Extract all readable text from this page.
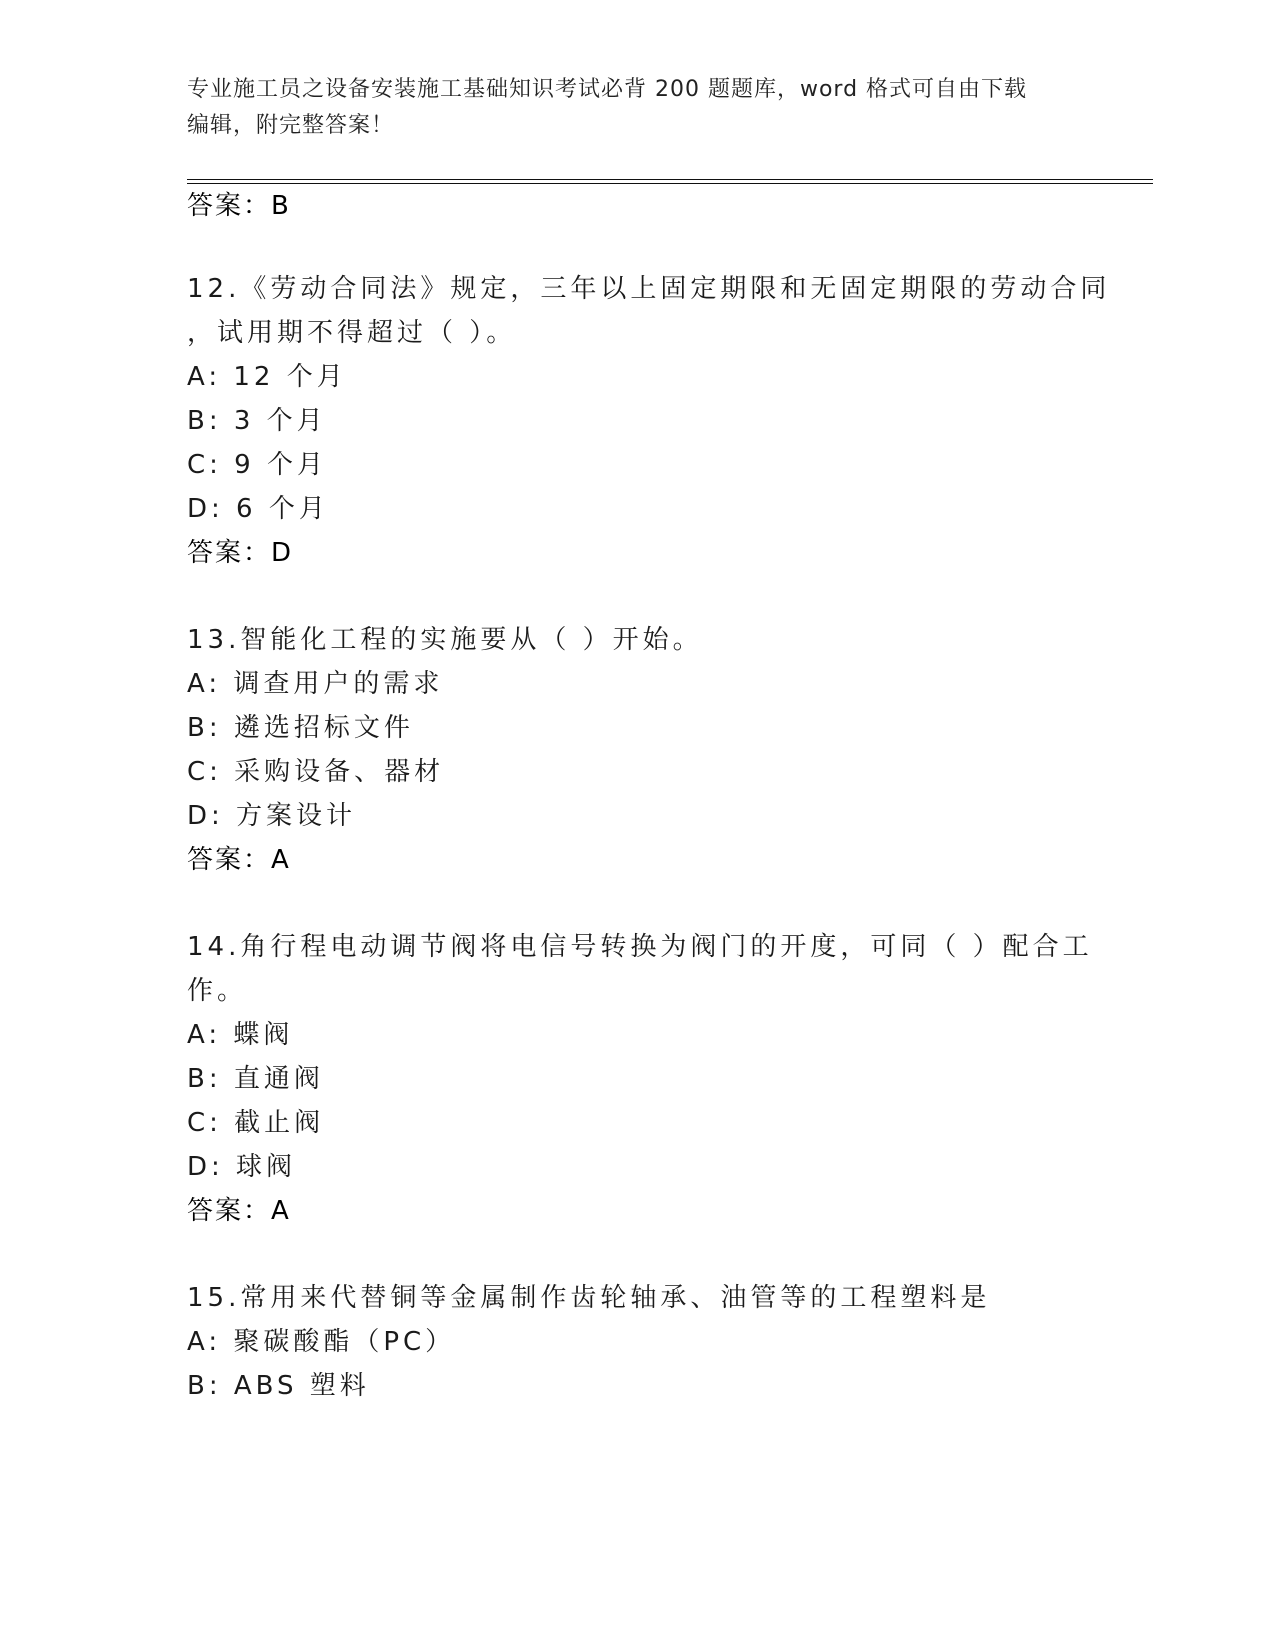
专业施工员之设备安装施工基础知识考试必背 200 题题库，word 格式可自由下载
编辑，附完整答案！
答案：B
12.《劳动合同法》规定，三年以上固定期限和无固定期限的劳动合同
，试用期不得超过（ ）。
A: 12 个月
B: 3 个月
C: 9 个月
D: 6 个月
答案：D
13.智能化工程的实施要从（ ）开始。
A: 调查用户的需求
B: 遴选招标文件
C: 采购设备、器材
D: 方案设计
答案：A
14.角行程电动调节阀将电信号转换为阀门的开度，可同（ ）配合工
作。
A: 蝶阀
B: 直通阀
C: 截止阀
D: 球阀
答案：A
15.常用来代替铜等金属制作齿轮轴承、油管等的工程塑料是
A: 聚碳酸酯（PC）
B: ABS 塑料
